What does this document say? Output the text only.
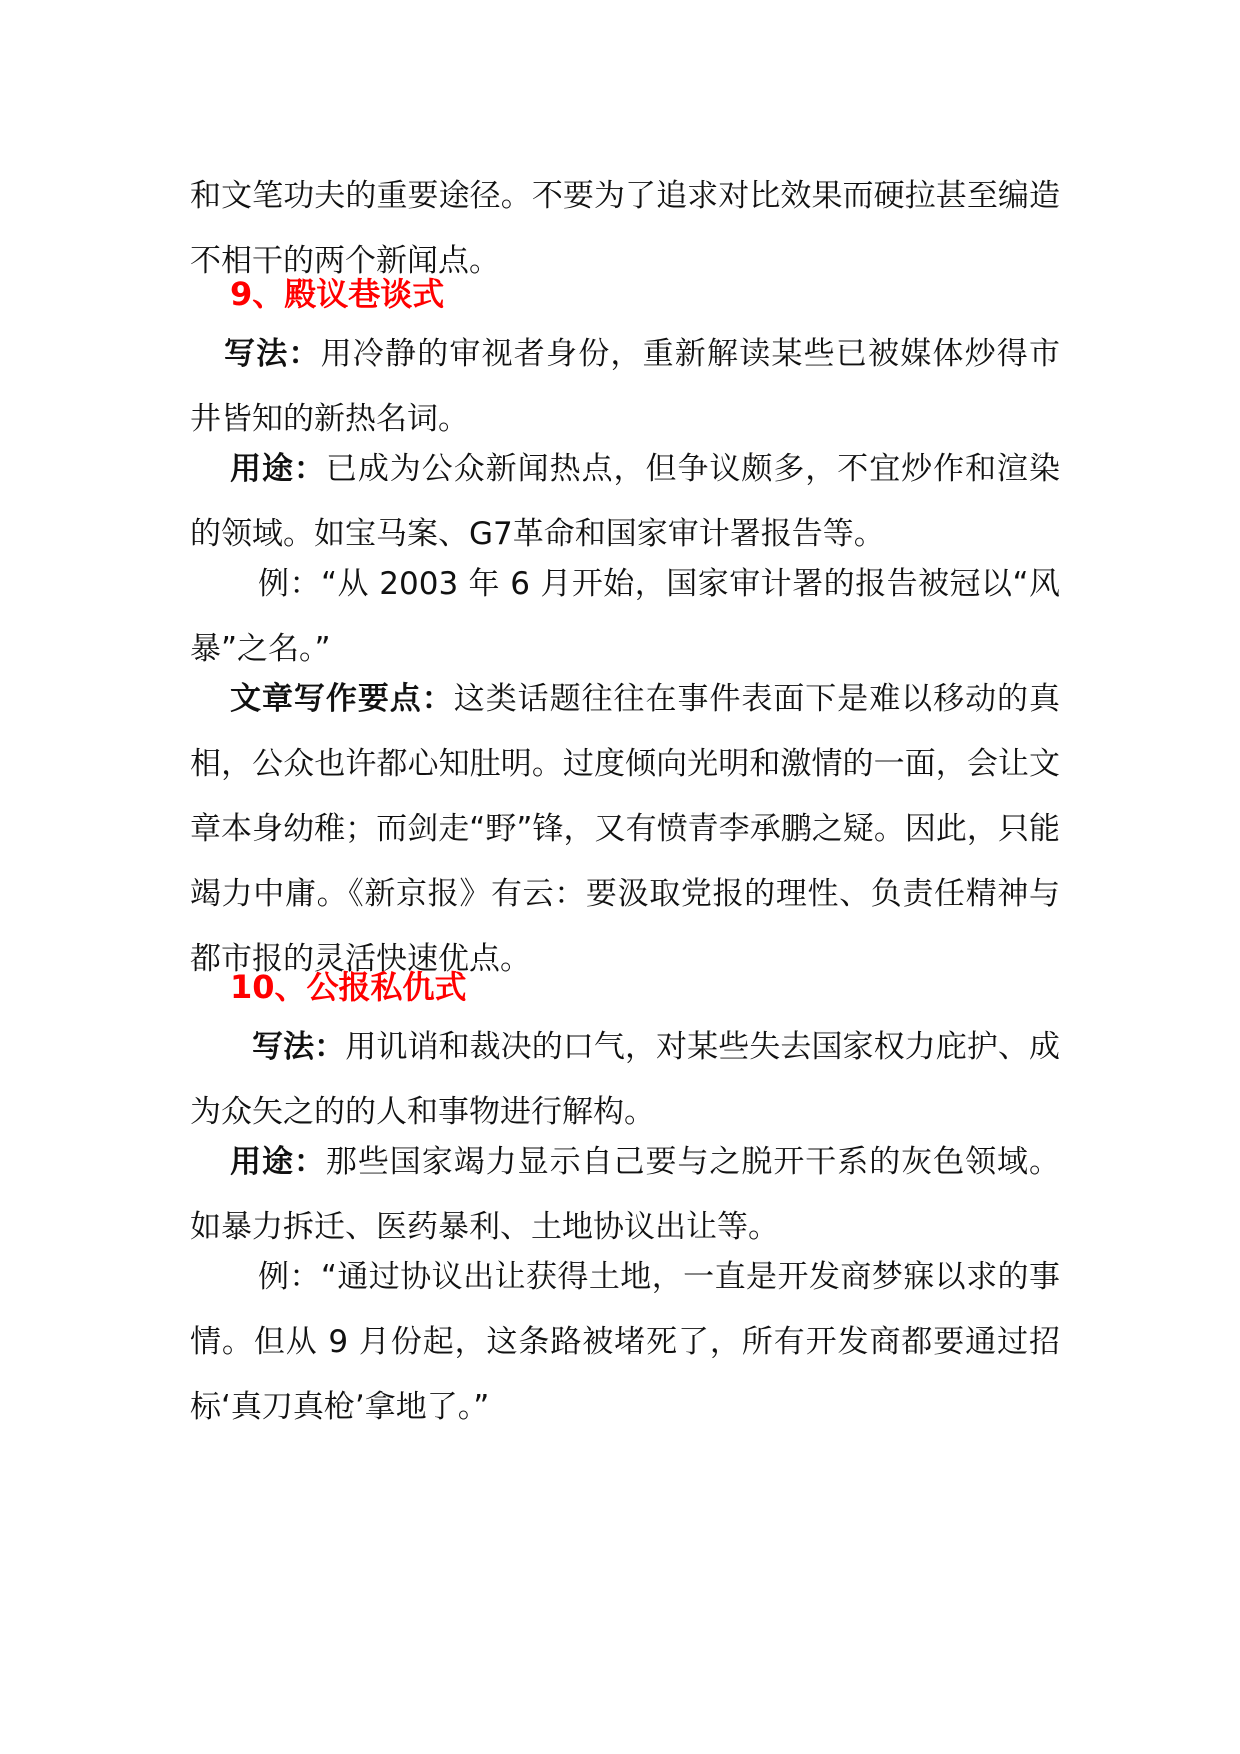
和文笔功夫的重要途径。不要为了追求对比效果而硬拉甚至编造不相干的两个新闻点。

9、殿议巷谈式

写法：用冷静的审视者身份，重新解读某些已被媒体炒得市井皆知的新热名词。

用途：已成为公众新闻热点，但争议颇多，不宜炒作和渲染的领域。如宝马案、G7革命和国家审计署报告等。

例：“从 2003 年 6 月开始，国家审计署的报告被冠以“风暴”之名。”

文章写作要点：这类话题往往在事件表面下是难以移动的真相，公众也许都心知肚明。过度倾向光明和激情的一面，会让文章本身幼稚；而剑走“野”锋，又有愤青李承鹏之疑。因此，只能竭力中庸。《新京报》有云：要汲取党报的理性、负责任精神与都市报的灵活快速优点。

10、公报私仇式

写法：用讥诮和裁决的口气，对某些失去国家权力庇护、成为众矢之的的人和事物进行解构。

用途：那些国家竭力显示自己要与之脱开干系的灰色领域。如暴力拆迁、医药暴利、土地协议出让等。

例：“通过协议出让获得土地，一直是开发商梦寐以求的事情。但从 9 月份起，这条路被堵死了，所有开发商都要通过招标‘真刀真枪’拿地了。”
